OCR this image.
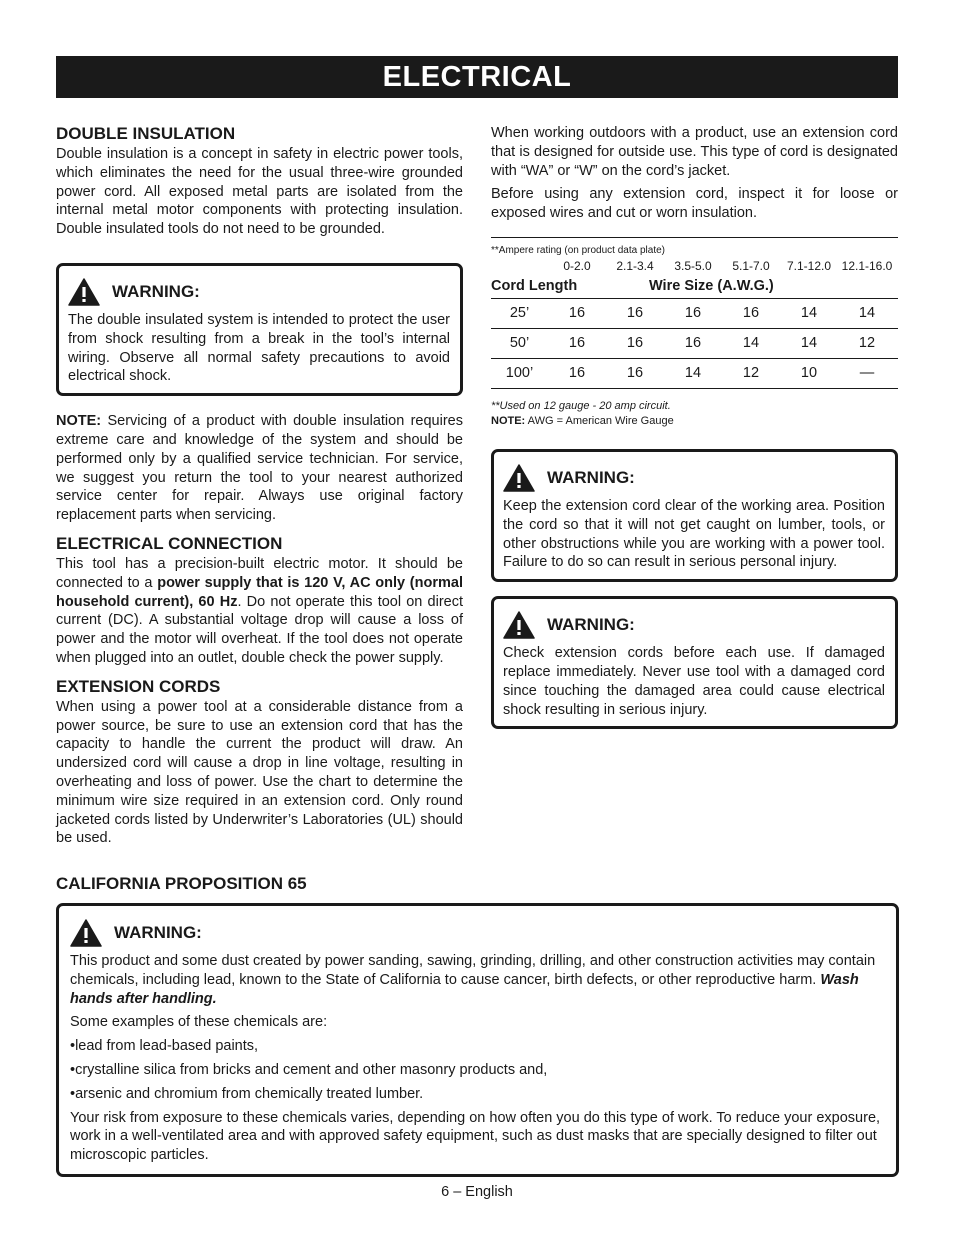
ELECTRICAL
DOUBLE INSULATION

Double insulation is a concept in safety in electric power tools, which eliminates the need for the usual three-wire grounded power cord. All exposed metal parts are isolated from the internal metal motor components with protecting insulation. Double insulated tools do not need to be grounded.

WARNING:

The double insulated system is intended to protect the user from shock resulting from a break in the tool’s internal wiring. Observe all normal safety precautions to avoid electrical shock.

NOTE: Servicing of a product with double insulation requires extreme care and knowledge of the system and should be performed only by a qualified service technician. For service, we suggest you return the tool to your nearest authorized service center for repair. Always use original factory replacement parts when servicing.

ELECTRICAL CONNECTION

This tool has a precision-built electric motor. It should be connected to a power supply that is 120 V, AC only (normal household current), 60 Hz. Do not operate this tool on direct current (DC). A substantial voltage drop will cause a loss of power and the motor will overheat. If the tool does not operate when plugged into an outlet, double check the power supply.

EXTENSION CORDS

When using a power tool at a considerable distance from a power source, be sure to use an extension cord that has the capacity to handle the current the product will draw. An undersized cord will cause a drop in line voltage, resulting in overheating and loss of power. Use the chart to determine the minimum wire size required in an extension cord. Only round jacketed cords listed by Underwriter’s Laboratories (UL) should be used.

When working outdoors with a product, use an extension cord that is designed for outside use. This type of cord is designated with “WA” or “W” on the cord’s jacket.

Before using any extension cord, inspect it for loose or exposed wires and cut or worn insulation.

**Ampere rating (on product data plate)
0-2.0	2.1-3.4	3.5-5.0	5.1-7.0	7.1-12.0 12.1-16.0
Cord Length	Wire Size (A.W.G.)
25’	16	16	16	16	14	14
50’	16	16	16	14	14	12
100’	16	16	14	12	10	—
**Used on 12 gauge - 20 amp circuit.
NOTE: AWG = American Wire Gauge
WARNING:

Keep the extension cord clear of the working area. Position the cord so that it will not get caught on lumber, tools, or other obstructions while you are working with a power tool. Failure to do so can result in serious personal injury.

WARNING:

Check extension cords before each use. If damaged replace immediately. Never use tool with a damaged cord since touching the damaged area could cause electrical shock resulting in serious injury.

CALIFORNIA PROPOSITION 65
WARNING:

This product and some dust created by power sanding, sawing, grinding, drilling, and other construction activities may contain chemicals, including lead, known to the State of California to cause cancer, birth defects, or other reproductive harm. Wash hands after handling.

Some examples of these chemicals are:

•lead from lead-based paints,

•crystalline silica from bricks and cement and other masonry products and,

•arsenic and chromium from chemically treated lumber.

Your risk from exposure to these chemicals varies, depending on how often you do this type of work. To reduce your exposure, work in a well-ventilated area and with approved safety equipment, such as dust masks that are specially designed to filter out microscopic particles.

6 – English
